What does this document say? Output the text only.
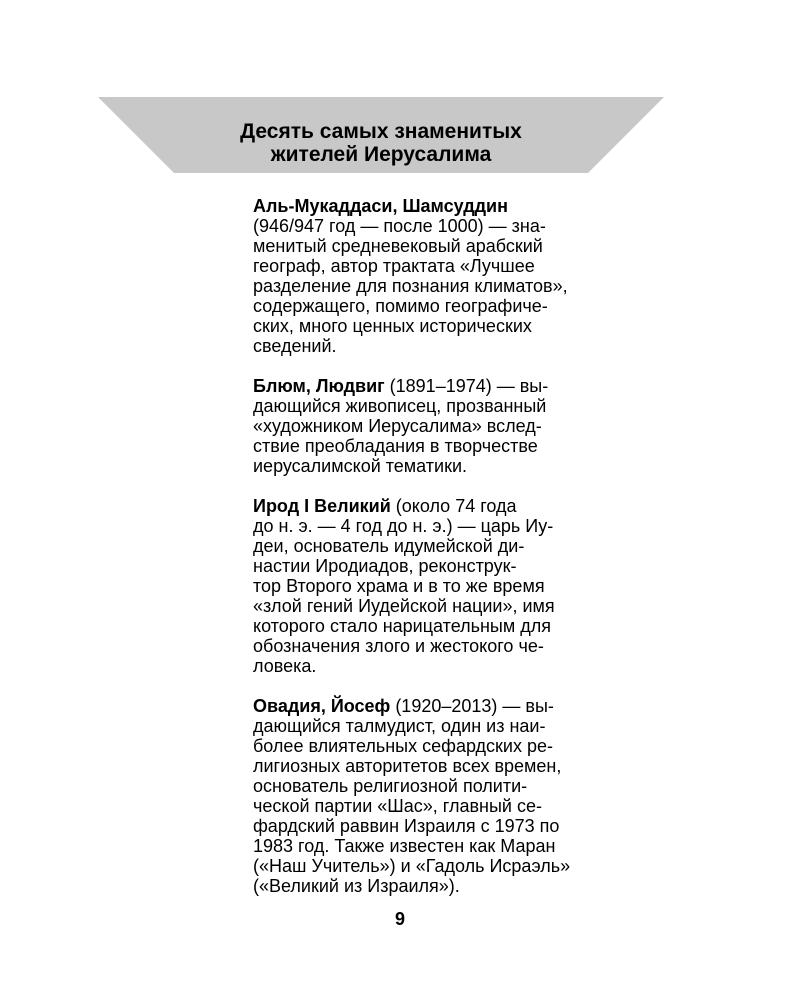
Десять самых знаменитых
жителей Иерусалима
Аль-Мукаддаси, Шамсуддин
(946/947 год — после 1000) — зна-
менитый средневековый арабский
географ, автор трактата «Лучшее
разделение для познания климатов»,
содержащего, помимо географиче-
ских, много ценных исторических
сведений.
Блюм, Людвиг (1891–1974) — вы-
дающийся живописец, прозванный
«художником Иерусалима» вслед-
ствие преобладания в творчестве
иерусалимской тематики.
Ирод I Великий (около 74 года
до н. э. — 4 год до н. э.) — царь Иу-
деи, основатель идумейской ди-
настии Иродиадов, реконструк-
тор Второго храма и в то же время
«злой гений Иудейской нации», имя
которого стало нарицательным для
обозначения злого и жестокого че-
ловека.
Овадия, Йосеф (1920–2013) — вы-
дающийся талмудист, один из наи-
более влиятельных сефардских ре-
лигиозных авторитетов всех времен,
основатель религиозной полити-
ческой партии «Шас», главный се-
фардский раввин Израиля с 1973 по
1983 год. Также известен как Маран
(«Наш Учитель») и «Гадоль Исраэль»
(«Великий из Израиля»).
9
